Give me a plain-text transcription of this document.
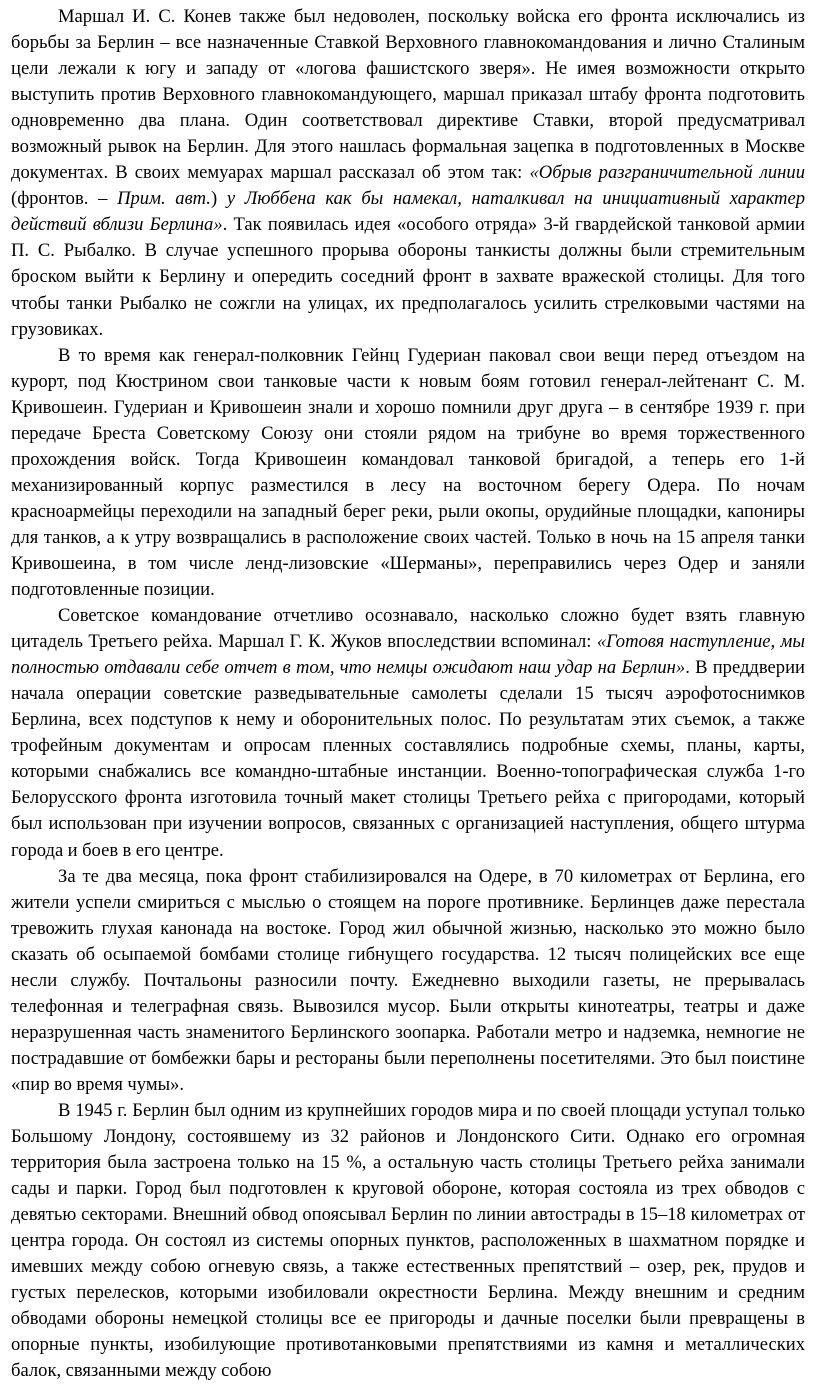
Маршал И. С. Конев также был недоволен, поскольку войска его фронта исключались из борьбы за Берлин – все назначенные Ставкой Верховного главнокомандования и лично Сталиным цели лежали к югу и западу от «логова фашистского зверя». Не имея возможности открыто выступить против Верховного главнокомандующего, маршал приказал штабу фронта подготовить одновременно два плана. Один соответствовал директиве Ставки, второй предусматривал возможный рывок на Берлин. Для этого нашлась формальная зацепка в подготовленных в Москве документах. В своих мемуарах маршал рассказал об этом так: «Обрыв разграничительной линии (фронтов. – Прим. авт.) у Люббена как бы намекал, наталкивал на инициативный характер действий вблизи Берлина». Так появилась идея «особого отряда» 3-й гвардейской танковой армии П. С. Рыбалко. В случае успешного прорыва обороны танкисты должны были стремительным броском выйти к Берлину и опередить соседний фронт в захвате вражеской столицы. Для того чтобы танки Рыбалко не сожгли на улицах, их предполагалось усилить стрелковыми частями на грузовиках.

В то время как генерал-полковник Гейнц Гудериан паковал свои вещи перед отъездом на курорт, под Кюстрином свои танковые части к новым боям готовил генерал-лейтенант С. М. Кривошеин. Гудериан и Кривошеин знали и хорошо помнили друг друга – в сентябре 1939 г. при передаче Бреста Советскому Союзу они стояли рядом на трибуне во время торжественного прохождения войск. Тогда Кривошеин командовал танковой бригадой, а теперь его 1-й механизированный корпус разместился в лесу на восточном берегу Одера. По ночам красноармейцы переходили на западный берег реки, рыли окопы, орудийные площадки, капониры для танков, а к утру возвращались в расположение своих частей. Только в ночь на 15 апреля танки Кривошеина, в том числе ленд-лизовские «Шерманы», переправились через Одер и заняли подготовленные позиции.

Советское командование отчетливо осознавало, насколько сложно будет взять главную цитадель Третьего рейха. Маршал Г. К. Жуков впоследствии вспоминал: «Готовя наступление, мы полностью отдавали себе отчет в том, что немцы ожидают наш удар на Берлин». В преддверии начала операции советские разведывательные самолеты сделали 15 тысяч аэрофотоснимков Берлина, всех подступов к нему и оборонительных полос. По результатам этих съемок, а также трофейным документам и опросам пленных составлялись подробные схемы, планы, карты, которыми снабжались все командно-штабные инстанции. Военно-топографическая служба 1-го Белорусского фронта изготовила точный макет столицы Третьего рейха с пригородами, который был использован при изучении вопросов, связанных с организацией наступления, общего штурма города и боев в его центре.

За те два месяца, пока фронт стабилизировался на Одере, в 70 километрах от Берлина, его жители успели смириться с мыслью о стоящем на пороге противнике. Берлинцев даже перестала тревожить глухая канонада на востоке. Город жил обычной жизнью, насколько это можно было сказать об осыпаемой бомбами столице гибнущего государства. 12 тысяч полицейских все еще несли службу. Почтальоны разносили почту. Ежедневно выходили газеты, не прерывалась телефонная и телеграфная связь. Вывозился мусор. Были открыты кинотеатры, театры и даже неразрушенная часть знаменитого Берлинского зоопарка. Работали метро и надземка, немногие не пострадавшие от бомбежки бары и рестораны были переполнены посетителями. Это был поистине «пир во время чумы».

В 1945 г. Берлин был одним из крупнейших городов мира и по своей площади уступал только Большому Лондону, состоявшему из 32 районов и Лондонского Сити. Однако его огромная территория была застроена только на 15 %, а остальную часть столицы Третьего рейха занимали сады и парки. Город был подготовлен к круговой обороне, которая состояла из трех обводов с девятью секторами. Внешний обвод опоясывал Берлин по линии автострады в 15–18 километрах от центра города. Он состоял из системы опорных пунктов, расположенных в шахматном порядке и имевших между собою огневую связь, а также естественных препятствий – озер, рек, прудов и густых перелесков, которыми изобиловали окрестности Берлина. Между внешним и средним обводами обороны немецкой столицы все ее пригороды и дачные поселки были превращены в опорные пункты, изобилующие противотанковыми препятствиями из камня и металлических балок, связанными между собою
